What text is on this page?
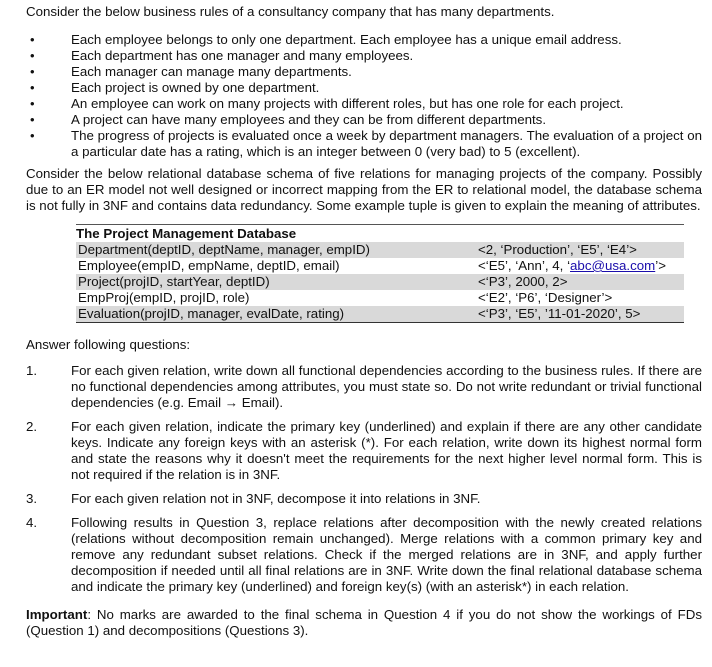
Consider the below business rules of a consultancy company that has many departments.

• Each employee belongs to only one department. Each employee has a unique email address.
• Each department has one manager and many employees.
• Each manager can manage many departments.
• Each project is owned by one department.
• An employee can work on many projects with different roles, but has one role for each project.
• A project can have many employees and they can be from different departments.
• The progress of projects is evaluated once a week by department managers. The evaluation of a project on a particular date has a rating, which is an integer between 0 (very bad) to 5 (excellent).

Consider the below relational database schema of five relations for managing projects of the company. Possibly due to an ER model not well designed or incorrect mapping from the ER to relational model, the database schema is not fully in 3NF and contains data redundancy. Some example tuple is given to explain the meaning of attributes.

The Project Management Database
Department(deptID, deptName, manager, empID)	<2, ‘Production’, ‘E5’, ‘E4’>
Employee(empID, empName, deptID, email)	<‘E5’, ‘Ann’, 4, ‘abc@usa.com’>
Project(projID, startYear, deptID)	<‘P3’, 2000, 2>
EmpProj(empID, projID, role)	<‘E2’, ‘P6’, ‘Designer’>
Evaluation(projID, manager, evalDate, rating)	<‘P3’, ‘E5’, ’11-01-2020’, 5>

Answer following questions:

1.	For each given relation, write down all functional dependencies according to the business rules. If there are no functional dependencies among attributes, you must state so. Do not write redundant or trivial functional dependencies (e.g. Email → Email).
2.	For each given relation, indicate the primary key (underlined) and explain if there are any other candidate keys. Indicate any foreign keys with an asterisk (*). For each relation, write down its highest normal form and state the reasons why it doesn't meet the requirements for the next higher level normal form. This is not required if the relation is in 3NF.
3.	For each given relation not in 3NF, decompose it into relations in 3NF.
4.	Following results in Question 3, replace relations after decomposition with the newly created relations (relations without decomposition remain unchanged). Merge relations with a common primary key and remove any redundant subset relations. Check if the merged relations are in 3NF, and apply further decomposition if needed until all final relations are in 3NF. Write down the final relational database schema and indicate the primary key (underlined) and foreign key(s) (with an asterisk*) in each relation.

Important: No marks are awarded to the final schema in Question 4 if you do not show the workings of FDs (Question 1) and decompositions (Questions 3).
